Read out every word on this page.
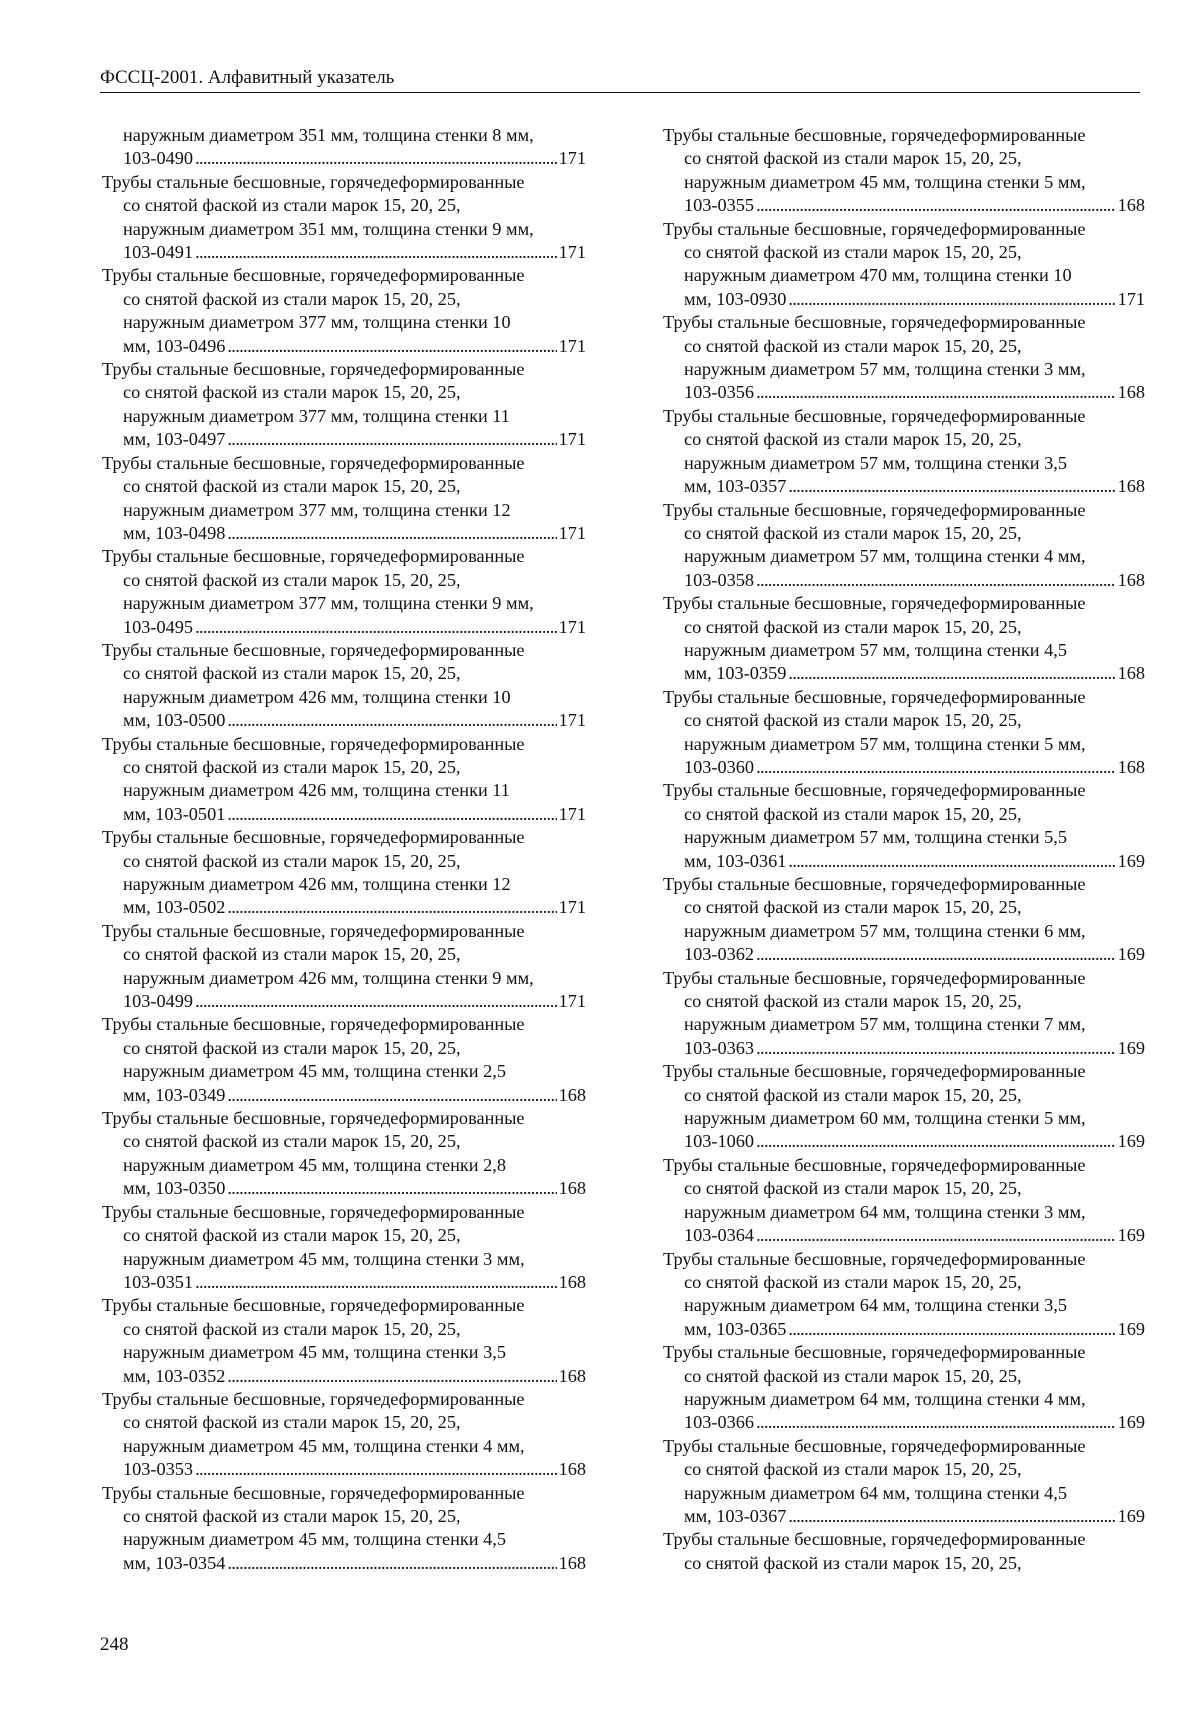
ФССЦ-2001. Алфавитный указатель
наружным диаметром 351 мм, толщина стенки 8 мм,
103-0490 . . .	171
Трубы стальные бесшовные, горячедеформированные
со снятой фаской из стали марок 15, 20, 25,
наружным диаметром 351 мм, толщина стенки 9 мм,
103-0491 . . .	171
Трубы стальные бесшовные, горячедеформированные
со снятой фаской из стали марок 15, 20, 25,
наружным диаметром 377 мм, толщина стенки 10
мм, 103-0496 . . .	171
Трубы стальные бесшовные, горячедеформированные
со снятой фаской из стали марок 15, 20, 25,
наружным диаметром 377 мм, толщина стенки 11
мм, 103-0497 . . .	171
Трубы стальные бесшовные, горячедеформированные
со снятой фаской из стали марок 15, 20, 25,
наружным диаметром 377 мм, толщина стенки 12
мм, 103-0498 . . .	171
Трубы стальные бесшовные, горячедеформированные
со снятой фаской из стали марок 15, 20, 25,
наружным диаметром 377 мм, толщина стенки 9 мм,
103-0495 . . .	171
Трубы стальные бесшовные, горячедеформированные
со снятой фаской из стали марок 15, 20, 25,
наружным диаметром 426 мм, толщина стенки 10
мм, 103-0500 . . .	171
Трубы стальные бесшовные, горячедеформированные
со снятой фаской из стали марок 15, 20, 25,
наружным диаметром 426 мм, толщина стенки 11
мм, 103-0501 . . .	171
Трубы стальные бесшовные, горячедеформированные
со снятой фаской из стали марок 15, 20, 25,
наружным диаметром 426 мм, толщина стенки 12
мм, 103-0502 . . .	171
Трубы стальные бесшовные, горячедеформированные
со снятой фаской из стали марок 15, 20, 25,
наружным диаметром 426 мм, толщина стенки 9 мм,
103-0499 . . .	171
Трубы стальные бесшовные, горячедеформированные
со снятой фаской из стали марок 15, 20, 25,
наружным диаметром 45 мм, толщина стенки 2,5
мм, 103-0349 . . .	168
Трубы стальные бесшовные, горячедеформированные
со снятой фаской из стали марок 15, 20, 25,
наружным диаметром 45 мм, толщина стенки 2,8
мм, 103-0350 . . .	168
Трубы стальные бесшовные, горячедеформированные
со снятой фаской из стали марок 15, 20, 25,
наружным диаметром 45 мм, толщина стенки 3 мм,
103-0351 . . .	168
Трубы стальные бесшовные, горячедеформированные
со снятой фаской из стали марок 15, 20, 25,
наружным диаметром 45 мм, толщина стенки 3,5
мм, 103-0352 . . .	168
Трубы стальные бесшовные, горячедеформированные
со снятой фаской из стали марок 15, 20, 25,
наружным диаметром 45 мм, толщина стенки 4 мм,
103-0353 . . .	168
Трубы стальные бесшовные, горячедеформированные
со снятой фаской из стали марок 15, 20, 25,
наружным диаметром 45 мм, толщина стенки 4,5
мм, 103-0354 . . .	168
Трубы стальные бесшовные, горячедеформированные
со снятой фаской из стали марок 15, 20, 25,
наружным диаметром 45 мм, толщина стенки 5 мм,
103-0355 . . .	168
Трубы стальные бесшовные, горячедеформированные
со снятой фаской из стали марок 15, 20, 25,
наружным диаметром 470 мм, толщина стенки 10
мм, 103-0930 . . .	171
Трубы стальные бесшовные, горячедеформированные
со снятой фаской из стали марок 15, 20, 25,
наружным диаметром 57 мм, толщина стенки 3 мм,
103-0356 . . .	168
Трубы стальные бесшовные, горячедеформированные
со снятой фаской из стали марок 15, 20, 25,
наружным диаметром 57 мм, толщина стенки 3,5
мм, 103-0357 . . .	168
Трубы стальные бесшовные, горячедеформированные
со снятой фаской из стали марок 15, 20, 25,
наружным диаметром 57 мм, толщина стенки 4 мм,
103-0358 . . .	168
Трубы стальные бесшовные, горячедеформированные
со снятой фаской из стали марок 15, 20, 25,
наружным диаметром 57 мм, толщина стенки 4,5
мм, 103-0359 . . .	168
Трубы стальные бесшовные, горячедеформированные
со снятой фаской из стали марок 15, 20, 25,
наружным диаметром 57 мм, толщина стенки 5 мм,
103-0360 . . .	168
Трубы стальные бесшовные, горячедеформированные
со снятой фаской из стали марок 15, 20, 25,
наружным диаметром 57 мм, толщина стенки 5,5
мм, 103-0361 . . .	169
Трубы стальные бесшовные, горячедеформированные
со снятой фаской из стали марок 15, 20, 25,
наружным диаметром 57 мм, толщина стенки 6 мм,
103-0362 . . .	169
Трубы стальные бесшовные, горячедеформированные
со снятой фаской из стали марок 15, 20, 25,
наружным диаметром 57 мм, толщина стенки 7 мм,
103-0363 . . .	169
Трубы стальные бесшовные, горячедеформированные
со снятой фаской из стали марок 15, 20, 25,
наружным диаметром 60 мм, толщина стенки 5 мм,
103-1060 . . .	169
Трубы стальные бесшовные, горячедеформированные
со снятой фаской из стали марок 15, 20, 25,
наружным диаметром 64 мм, толщина стенки 3 мм,
103-0364 . . .	169
Трубы стальные бесшовные, горячедеформированные
со снятой фаской из стали марок 15, 20, 25,
наружным диаметром 64 мм, толщина стенки 3,5
мм, 103-0365 . . .	169
Трубы стальные бесшовные, горячедеформированные
со снятой фаской из стали марок 15, 20, 25,
наружным диаметром 64 мм, толщина стенки 4 мм,
103-0366 . . .	169
Трубы стальные бесшовные, горячедеформированные
со снятой фаской из стали марок 15, 20, 25,
наружным диаметром 64 мм, толщина стенки 4,5
мм, 103-0367 . . .	169
Трубы стальные бесшовные, горячедеформированные
со снятой фаской из стали марок 15, 20, 25,
248
